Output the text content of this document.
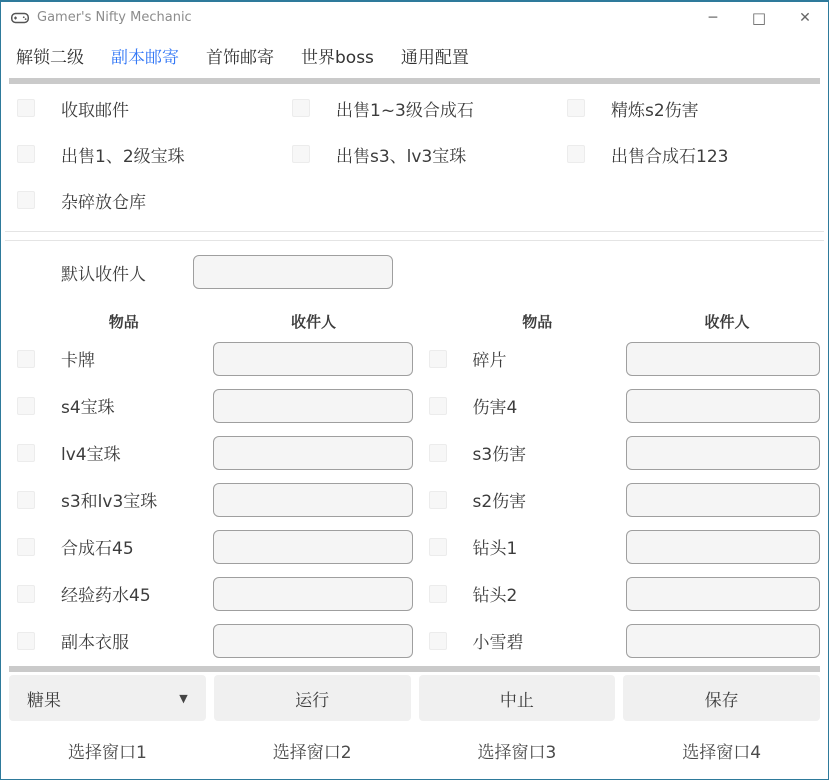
Gamer's Nifty Mechanic	─	□	✕
解锁二级 副本邮寄 首饰邮寄 世界boss 通用配置
收取邮件	出售1~3级合成石	精炼s2伤害
出售1、2级宝珠	出售s3、lv3宝珠	出售合成石123
杂碎放仓库
默认收件人
物品	收件人
卡牌
s4宝珠
lv4宝珠
s3和lv3宝珠
合成石45
经验药水45
副本衣服
物品	收件人
碎片
伤害4
s3伤害
s2伤害
钻头1
钻头2
小雪碧
糖果	▼	运行	中止	保存
选择窗口1	选择窗口2	选择窗口3	选择窗口4
